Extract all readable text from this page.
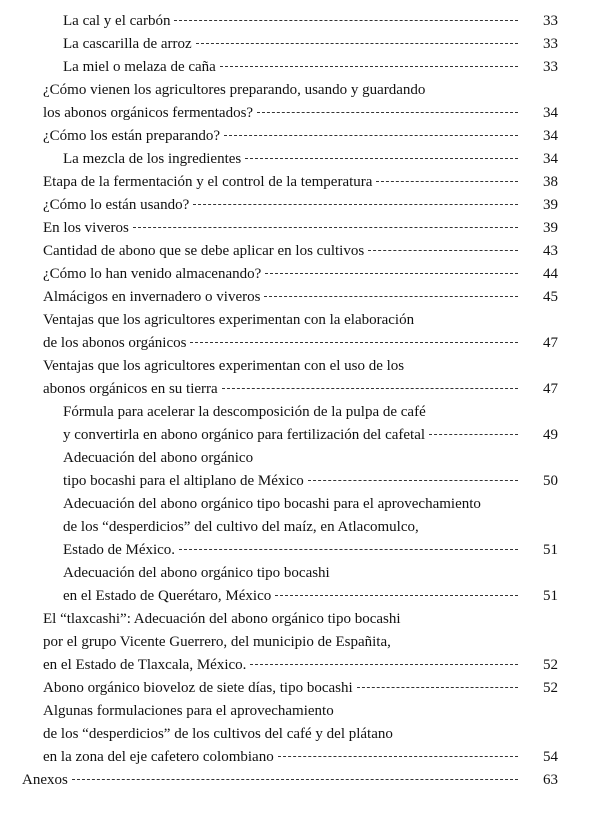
La cal y el carbón	33
La cascarilla de arroz	33
La miel o melaza de caña	33
¿Cómo vienen los agricultores preparando, usando y guardando
los abonos orgánicos fermentados?	34
¿Cómo los están preparando?	34
La mezcla de los ingredientes	34
Etapa de la fermentación y el control de la temperatura	38
¿Cómo lo están usando?	39
En los viveros	39
Cantidad de abono que se debe aplicar en los cultivos	43
¿Cómo lo han venido almacenando?	44
Almácigos en invernadero o viveros	45
Ventajas que los agricultores experimentan con la elaboración
de los abonos orgánicos	47
Ventajas que los agricultores experimentan con el uso de los
abonos orgánicos en su tierra	47
Fórmula para acelerar la descomposición de la pulpa de café
y convertirla en abono orgánico para fertilización del cafetal	49
Adecuación del abono orgánico
tipo bocashi para el altiplano de México	50
Adecuación del abono orgánico tipo bocashi para el aprovechamiento
de los “desperdicios” del cultivo del maíz, en Atlacomulco,
Estado de México.	51
Adecuación del abono orgánico tipo bocashi
en el Estado de Querétaro, México	51
El “tlaxcashi”: Adecuación del abono orgánico tipo bocashi
por el grupo Vicente Guerrero, del municipio de Españita,
en el Estado de Tlaxcala, México.	52
Abono orgánico bioveloz de siete días, tipo bocashi	52
Algunas formulaciones para el aprovechamiento
de los “desperdicios” de los cultivos del café y del plátano
en la zona del eje cafetero colombiano	54
Anexos	63
